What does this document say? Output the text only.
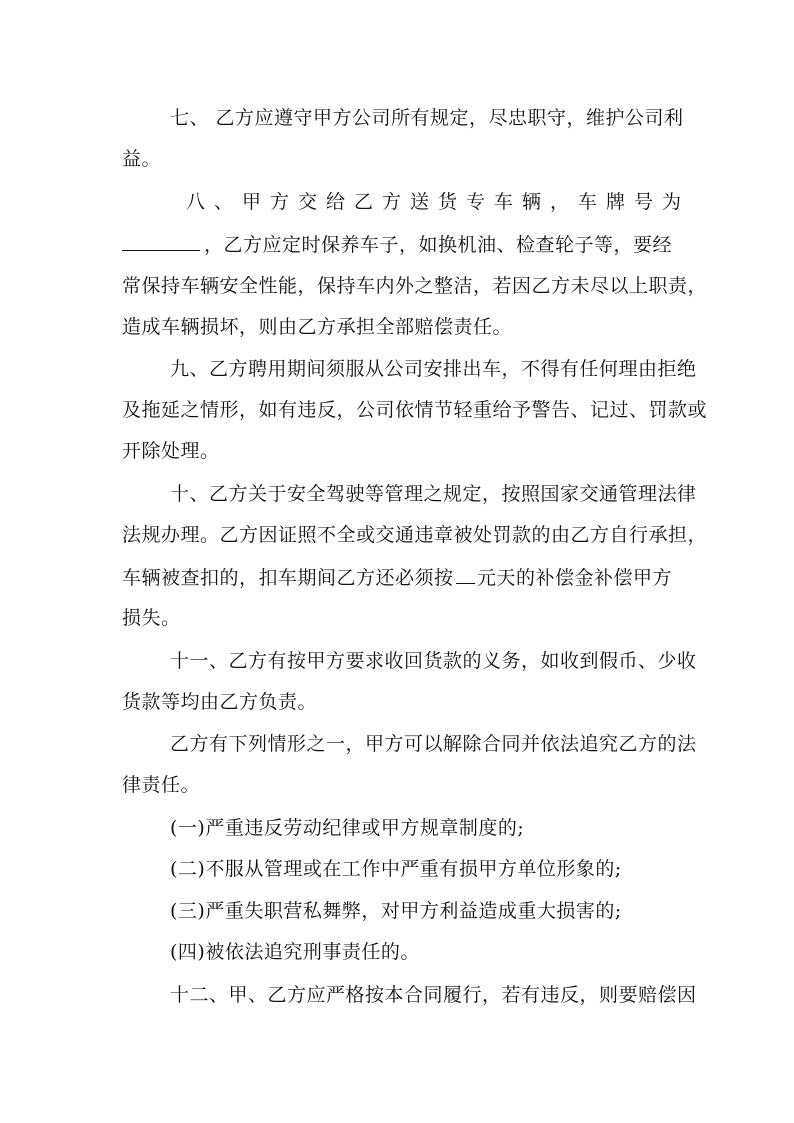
七、 乙方应遵守甲方公司所有规定，尽忠职守，维护公司利
益。
八、甲方交给乙方送货专车 辆，车牌号为
，乙方应定时保养车子，如换机油、检查轮子等，要经
常保持车辆安全性能，保持车内外之整洁，若因乙方未尽以上职责，
造成车辆损坏，则由乙方承担全部赔偿责任。
九、乙方聘用期间须服从公司安排出车，不得有任何理由拒绝
及拖延之情形，如有违反，公司依情节轻重给予警告、记过、罚款或
开除处理。
十、乙方关于安全驾驶等管理之规定，按照国家交通管理法律
法规办理。乙方因证照不全或交通违章被处罚款的由乙方自行承担，
车辆被查扣的，扣车期间乙方还必须按 元天的补偿金补偿甲方
损失。
十一、乙方有按甲方要求收回货款的义务，如收到假币、少收
货款等均由乙方负责。
乙方有下列情形之一，甲方可以解除合同并依法追究乙方的法
律责任。
(一)严重违反劳动纪律或甲方规章制度的;
(二)不服从管理或在工作中严重有损甲方单位形象的;
(三)严重失职营私舞弊，对甲方利益造成重大损害的;
(四)被依法追究刑事责任的。
十二、甲、乙方应严格按本合同履行，若有违反，则要赔偿因
